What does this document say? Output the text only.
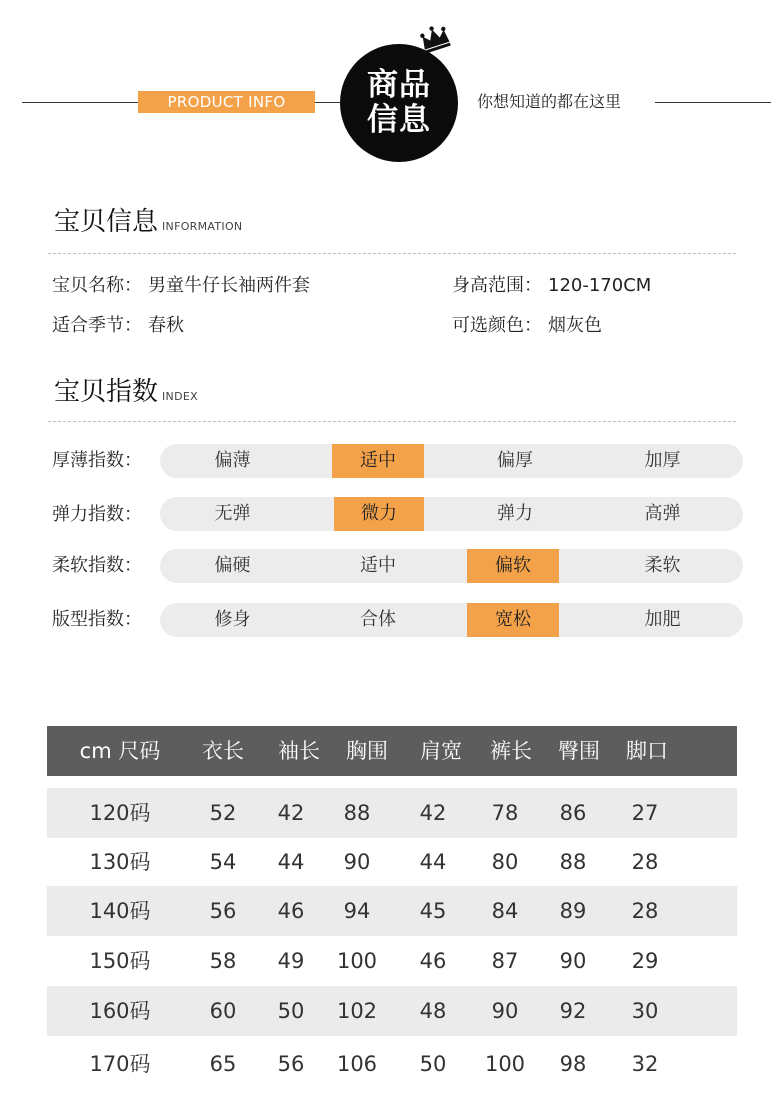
PRODUCT INFO	商品
信息
你想知道的都在这里
宝贝信息 INFORMATION
宝贝名称： 男童牛仔长袖两件套	身高范围： 120-170CM
适合季节： 春秋	可选颜色： 烟灰色
宝贝指数 INDEX
厚薄指数：	偏薄	适中	偏厚	加厚
弹力指数：	无弹	微力	弹力	高弹
柔软指数：	偏硬	适中	偏软	柔软
版型指数：	修身	合体	宽松	加肥
cm 尺码	衣长	袖长	胸围	肩宽	裤长	臀围	脚口
120码	52	42	88	42	78	86	27
130码	54	44	90	44	80	88	28
140码	56	46	94	45	84	89	28
150码	58	49	100	46	87	90	29
160码	60	50	102	48	90	92	30
170码	65	56	106	50	100	98	32
